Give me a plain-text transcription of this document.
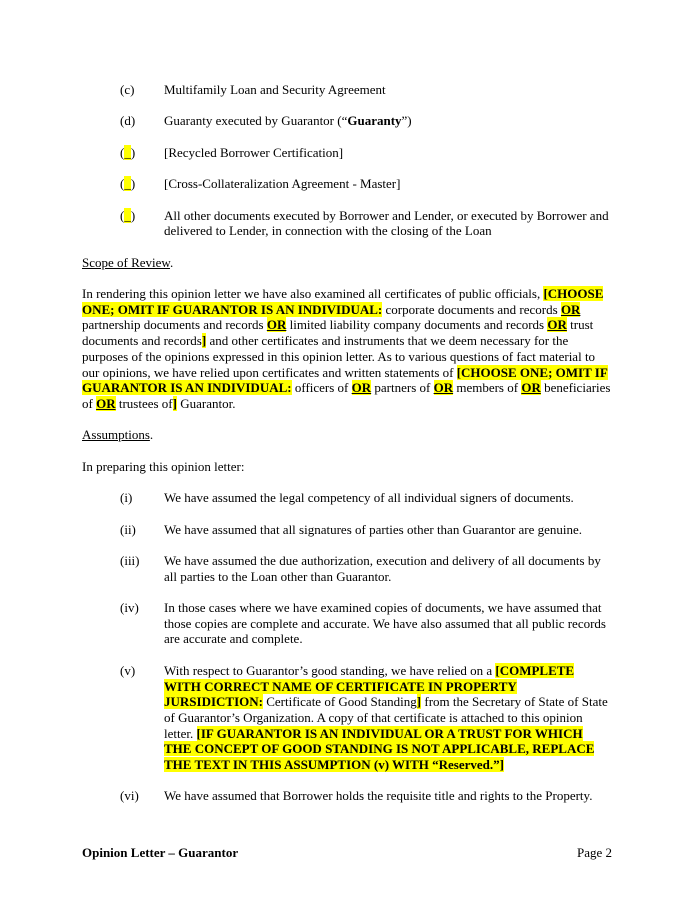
(c)	Multifamily Loan and Security Agreement
(d)	Guaranty executed by Guarantor (“Guaranty”)
(_)	[Recycled Borrower Certification]
(_)	[Cross-Collateralization Agreement - Master]
(_)	All other documents executed by Borrower and Lender, or executed by Borrower and delivered to Lender, in connection with the closing of the Loan
Scope of Review.

In rendering this opinion letter we have also examined all certificates of public officials, [CHOOSE ONE; OMIT IF GUARANTOR IS AN INDIVIDUAL: corporate documents and records OR partnership documents and records OR limited liability company documents and records OR trust documents and records] and other certificates and instruments that we deem necessary for the purposes of the opinions expressed in this opinion letter. As to various questions of fact material to our opinions, we have relied upon certificates and written statements of [CHOOSE ONE; OMIT IF GUARANTOR IS AN INDIVIDUAL: officers of OR partners of OR members of OR beneficiaries of OR trustees of] Guarantor.

Assumptions.

In preparing this opinion letter:

(i)	We have assumed the legal competency of all individual signers of documents.
(ii)	We have assumed that all signatures of parties other than Guarantor are genuine.
(iii)	We have assumed the due authorization, execution and delivery of all documents by all parties to the Loan other than Guarantor.
(iv)	In those cases where we have examined copies of documents, we have assumed that those copies are complete and accurate. We have also assumed that all public records are accurate and complete.
(v)	With respect to Guarantor’s good standing, we have relied on a [COMPLETE WITH CORRECT NAME OF CERTIFICATE IN PROPERTY JURSIDICTION: Certificate of Good Standing] from the Secretary of State of State of Guarantor’s Organization. A copy of that certificate is attached to this opinion letter. [IF GUARANTOR IS AN INDIVIDUAL OR A TRUST FOR WHICH THE CONCEPT OF GOOD STANDING IS NOT APPLICABLE, REPLACE THE TEXT IN THIS ASSUMPTION (v) WITH “Reserved.”]
(vi)	We have assumed that Borrower holds the requisite title and rights to the Property.
Opinion Letter – Guarantor	Page 2
